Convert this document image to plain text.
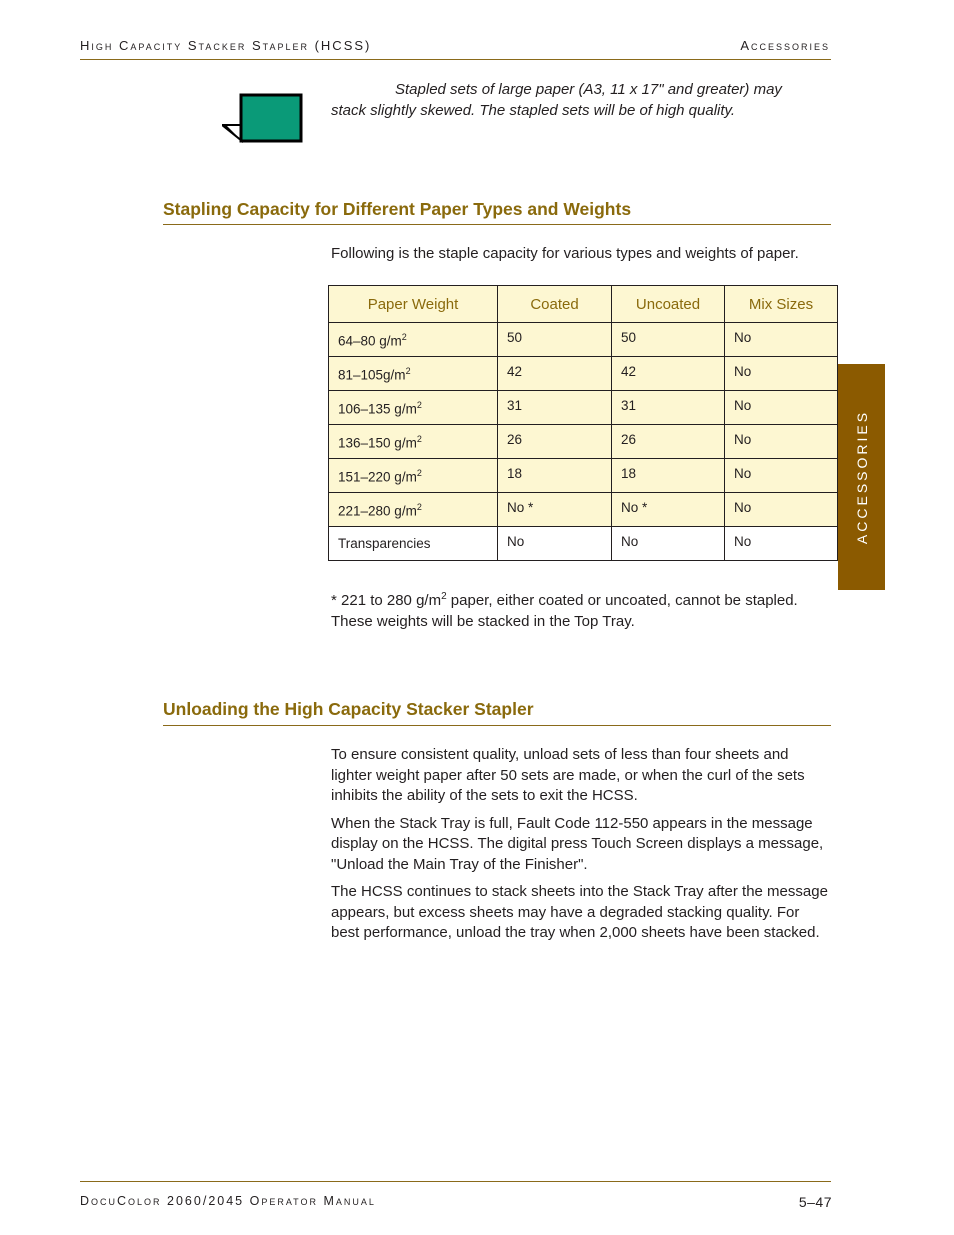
High Capacity Stacker Stapler (HCSS)	Accessories
Stapled sets of large paper (A3, 11 x 17" and greater) may stack slightly skewed. The stapled sets will be of high quality.
Stapling Capacity for Different Paper Types and Weights
Following is the staple capacity for various types and weights of paper.
Paper Weight	Coated	Uncoated	Mix Sizes
64–80 $g/m^2$	50	50	No
$81-105g/m^2$	42	42	No
106–135 $g/m^2$	31	31	No
136–150 $g/m^2$	26	26	No
151–220 $g/m^2$	18	18	No
221–280 $g/m^2$	No *	No *	No
Transparencies	No	No	No
* 221 to 280 $g/m^2$ paper, either coated or uncoated, cannot be stapled. These weights will be stacked in the Top Tray.
Unloading the High Capacity Stacker Stapler

To ensure consistent quality, unload sets of less than four sheets and lighter weight paper after 50 sets are made, or when the curl of the sets inhibits the ability of the sets to exit the HCSS.

When the Stack Tray is full, Fault Code 112-550 appears in the message display on the HCSS. The digital press Touch Screen displays a message, "Unload the Main Tray of the Finisher".

The HCSS continues to stack sheets into the Stack Tray after the message appears, but excess sheets may have a degraded stacking quality. For best performance, unload the tray when 2,000 sheets have been stacked.

ACCESSORIES
DocuColor 2060/2045 Operator Manual	5–47
